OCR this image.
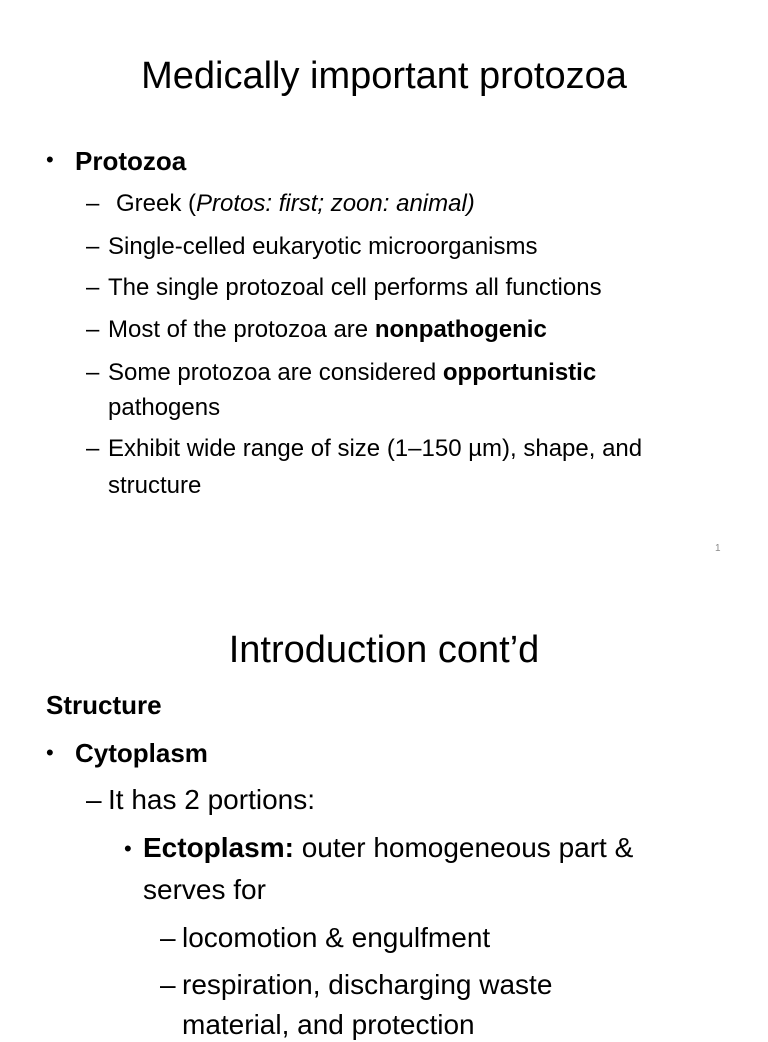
Medically important protozoa
• Protozoa
– Greek (Protos: first; zoon: animal)
– Single-celled eukaryotic microorganisms
– The single protozoal cell performs all functions
– Most of the protozoa are nonpathogenic
– Some protozoa are considered opportunistic
pathogens
– Exhibit wide range of size (1–150 µm), shape, and
structure
1
Introduction cont’d
Structure
• Cytoplasm
– It has 2 portions:
• Ectoplasm: outer homogeneous part &
serves for
– locomotion & engulfment
– respiration, discharging waste
material, and protection
